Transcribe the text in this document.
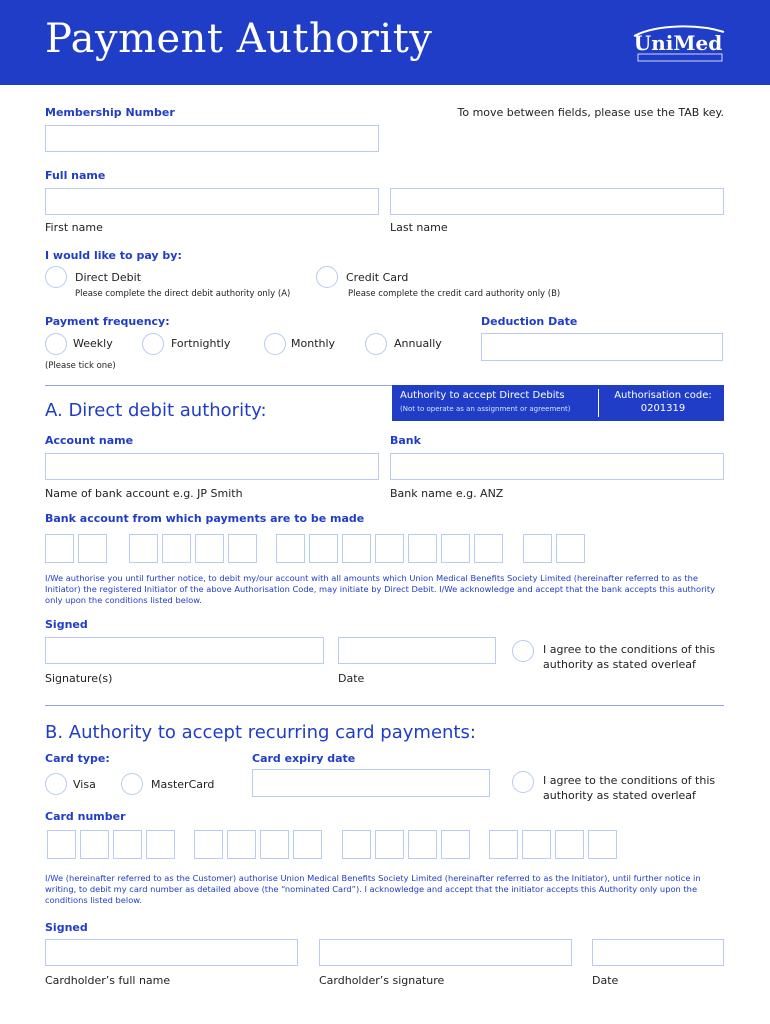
Payment Authority	UniMed
Membership Number	To move between fields, please use the TAB key.
Full name
First name	Last name
I would like to pay by:
Direct Debit
Please complete the direct debit authority only (A)
Credit Card
Please complete the credit card authority only (B)
Payment frequency:	Deduction Date
Weekly	Fortnightly	Monthly	Annually
(Please tick one)
A. Direct debit authority:
Authority to accept Direct Debits
(Not to operate as an assignment or agreement)
Authorisation code:
0201319
Account name	Bank
Name of bank account e.g. JP Smith	Bank name e.g. ANZ
Bank account from which payments are to be made
I/We authorise you until further notice, to debit my/our account with all amounts which Union Medical Benefits Society Limited (hereinafter referred to as the Initiator) the registered Initiator of the above Authorisation Code, may initiate by Direct Debit. I/We acknowledge and accept that the bank accepts this authority only upon the conditions listed below.
Signed
I agree to the conditions of this authority as stated overleaf
Signature(s)	Date
B. Authority to accept recurring card payments:
Card type:	Card expiry date
Visa	MasterCard	I agree to the conditions of this authority as stated overleaf
Card number
I/We (hereinafter referred to as the Customer) authorise Union Medical Benefits Society Limited (hereinafter referred to as the Initiator), until further notice in writing, to debit my card number as detailed above (the “nominated Card”). I acknowledge and accept that the initiator accepts this Authority only upon the conditions listed below.
Signed
Cardholder’s full name	Cardholder’s signature	Date
